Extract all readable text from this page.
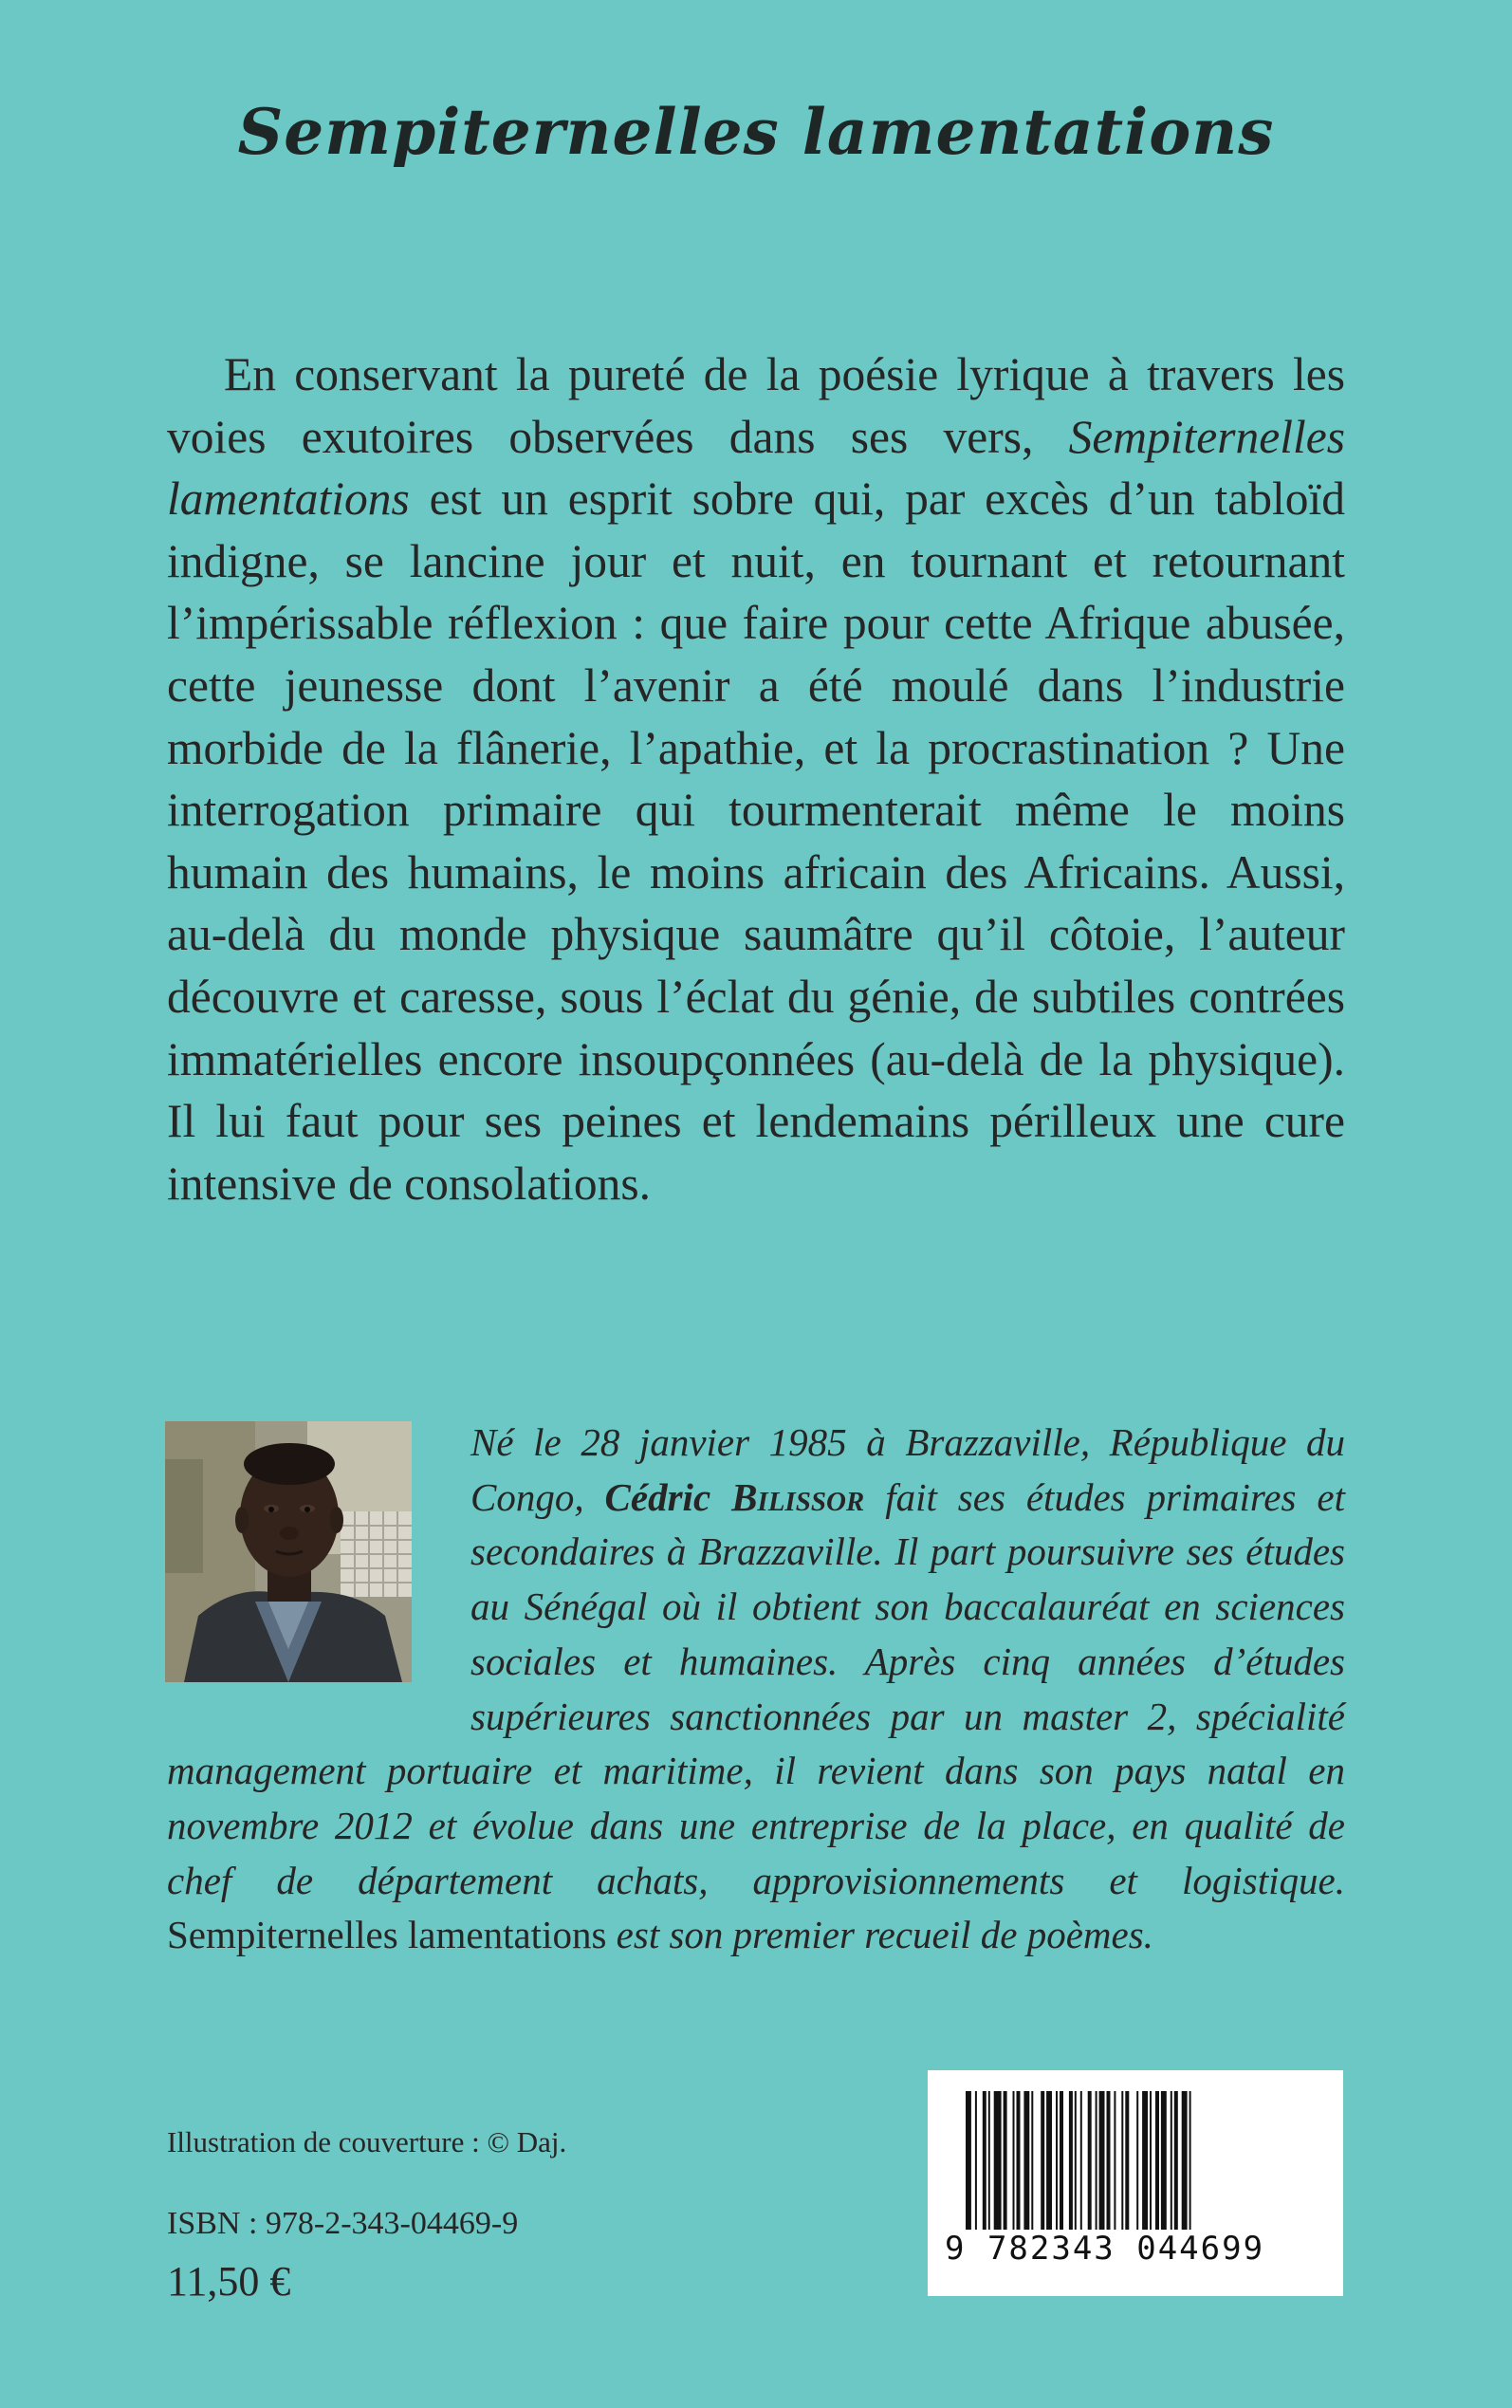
Sempiternelles lamentations

En conservant la pureté de la poésie lyrique à travers les voies exutoires observées dans ses vers, Sempiternelles lamentations est un esprit sobre qui, par excès d’un tabloïd indigne, se lancine jour et nuit, en tournant et retournant l’impérissable réflexion : que faire pour cette Afrique abusée, cette jeunesse dont l’avenir a été moulé dans l’industrie morbide de la flânerie, l’apathie, et la procrastination ? Une interrogation primaire qui tourmenterait même le moins humain des humains, le moins africain des Africains. Aussi, au-delà du monde physique saumâtre qu’il côtoie, l’auteur découvre et caresse, sous l’éclat du génie, de subtiles contrées immatérielles encore insoupçonnées (au-delà de la physique). Il lui faut pour ses peines et lendemains périlleux une cure intensive de consolations.

Né le 28 janvier 1985 à Brazzaville, République du Congo, Cédric Bilissor fait ses études primaires et secondaires à Brazzaville. Il part poursuivre ses études au Sénégal où il obtient son baccalauréat en sciences sociales et humaines. Après cinq années d’études supérieures sanctionnées par un master 2, spécialité management portuaire et maritime, il revient dans son pays natal en novembre 2012 et évolue dans une entreprise de la place, en qualité de chef de département achats, approvisionnements et logistique. Sempiternelles lamentations est son premier recueil de poèmes.

Illustration de couverture : © Daj.

ISBN : 978-2-343-04469-9

11,50 €

9 782343 044699
